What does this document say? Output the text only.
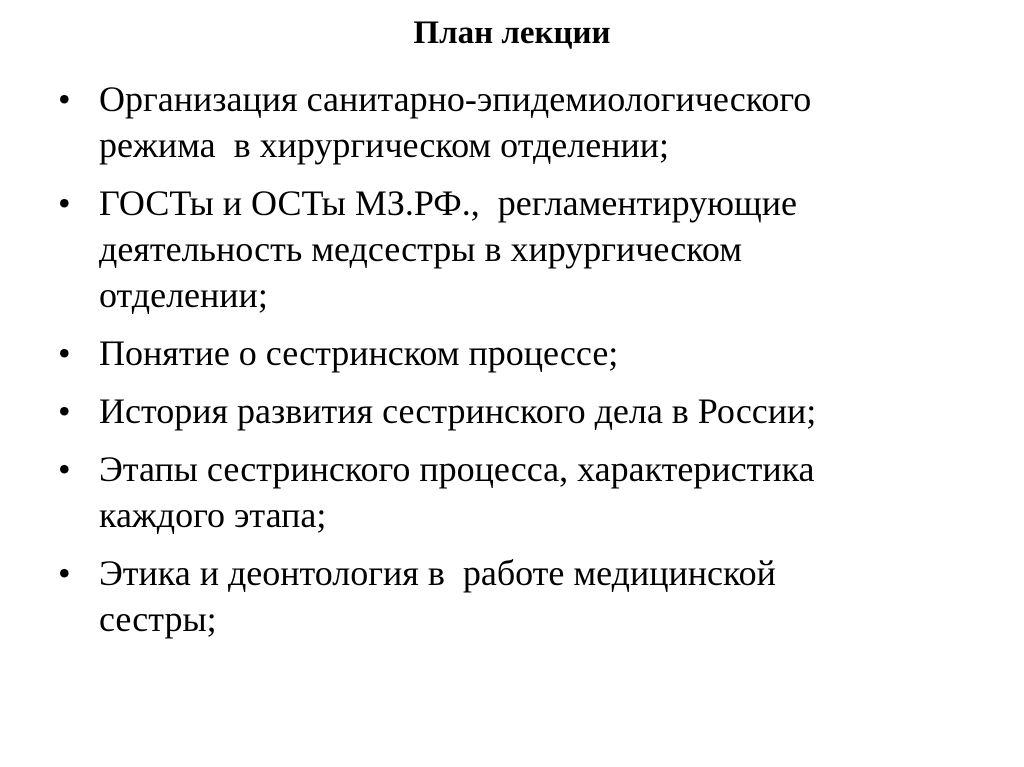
План лекции
• Организация санитарно-эпидемиологического
режима  в хирургическом отделении;
• ГОСТы и ОСТы МЗ.РФ.,  регламентирующие
деятельность медсестры в хирургическом
отделении;
• Понятие о сестринском процессе;
• История развития сестринского дела в России;
• Этапы сестринского процесса, характеристика
каждого этапа;
• Этика и деонтология в  работе медицинской
сестры;
